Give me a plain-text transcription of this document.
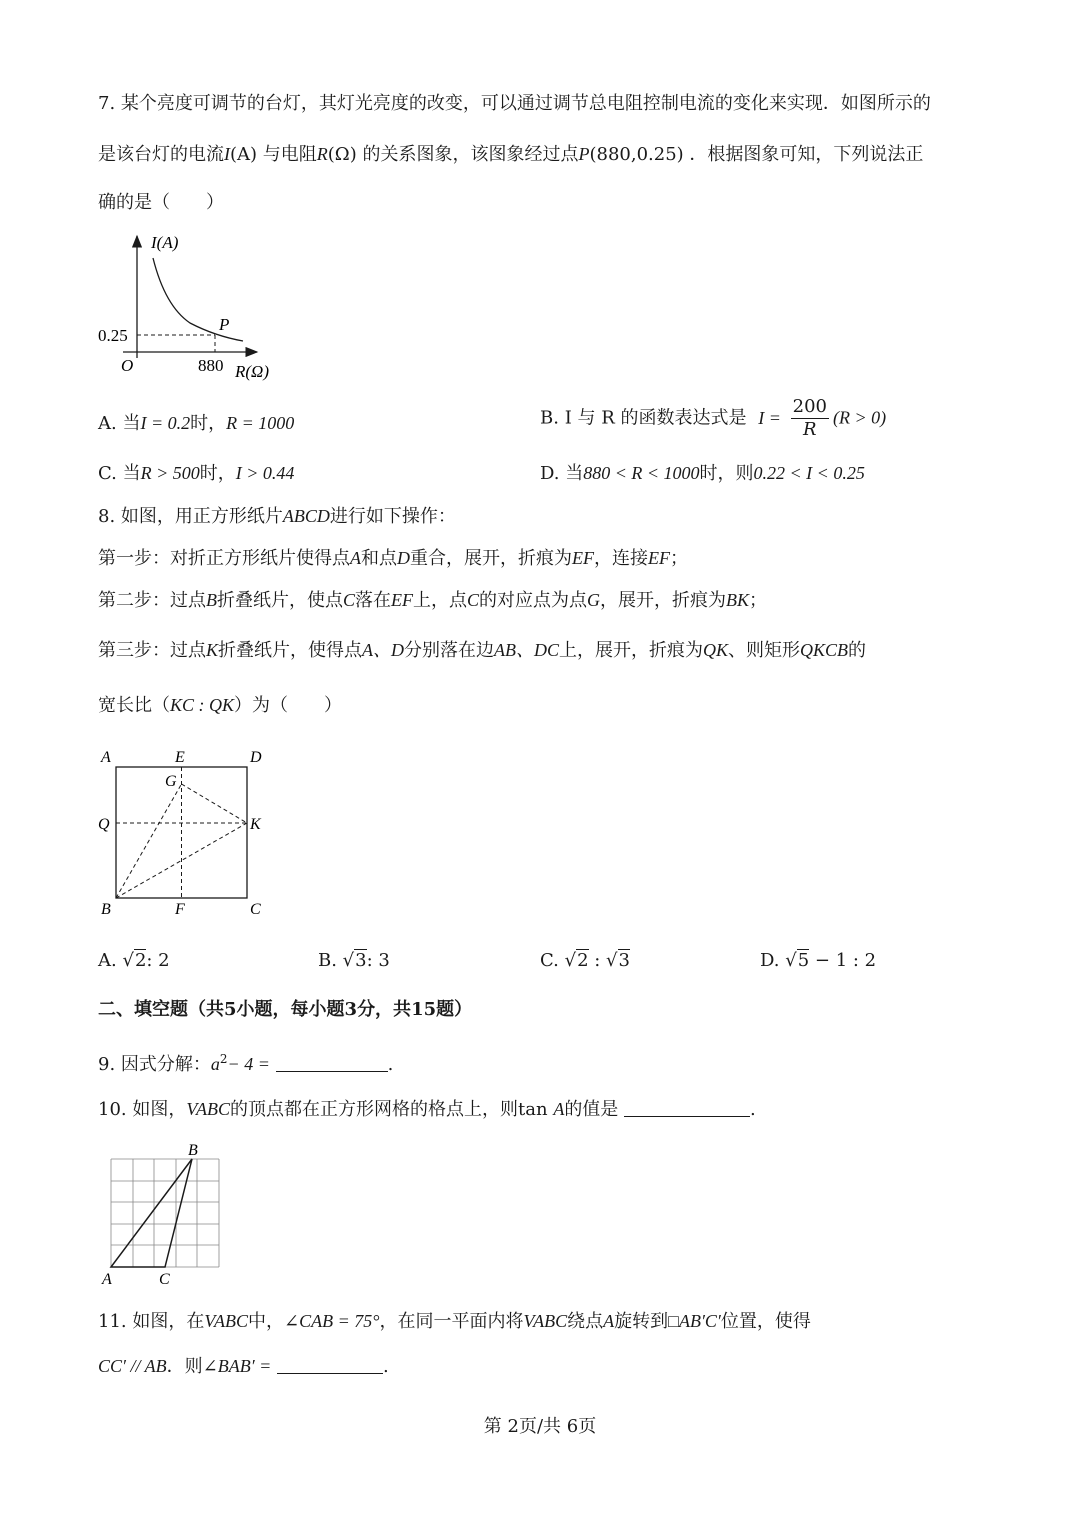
7. 某个亮度可调节的台灯，其灯光亮度的改变，可以通过调节总电阻控制电流的变化来实现．如图所示的
是该台灯的电流I(A) 与电阻R(Ω) 的关系图象，该图象经过点P(880,0.25) ．根据图象可知，下列说法正
确的是（　　）
I(A)
R(Ω)
O
0.25
880
P
A. 当I = 0.2时，R = 1000	B. I 与 R 的函数表达式是 $I = \frac{200}{R} (R > 0)$
C. 当R > 500时，I > 0.44	D. 当880 < R < 1000时，则0.22 < I < 0.25
8. 如图，用正方形纸片ABCD进行如下操作：
第一步：对折正方形纸片使得点A和点D重合，展开，折痕为EF，连接EF；
第二步：过点B折叠纸片，使点C落在EF上，点C的对应点为点G，展开，折痕为BK；
第三步：过点K折叠纸片，使得点A、D分别落在边AB、DC上，展开，折痕为QK、则矩形QKCB的
宽长比（KC : QK）为（　　）
A	E	D
G
Q	K
B	F	C
A. √2: 2	B. √3: 3	C. √2 : √3	D. √5 − 1 : 2
二、填空题（共5小题，每小题3分，共15题）
9. 因式分解：$a^2- 4$ =	.
10. 如图，VABC的顶点都在正方形网格的格点上，则tan A的值是	.
B
A	C
11. 如图，在VABC中，∠CAB = 75°，在同一平面内将VABC绕点A旋转到□AB′C′位置，使得
CC′ // AB．则∠BAB′ =	.
第 2页/共 6页
